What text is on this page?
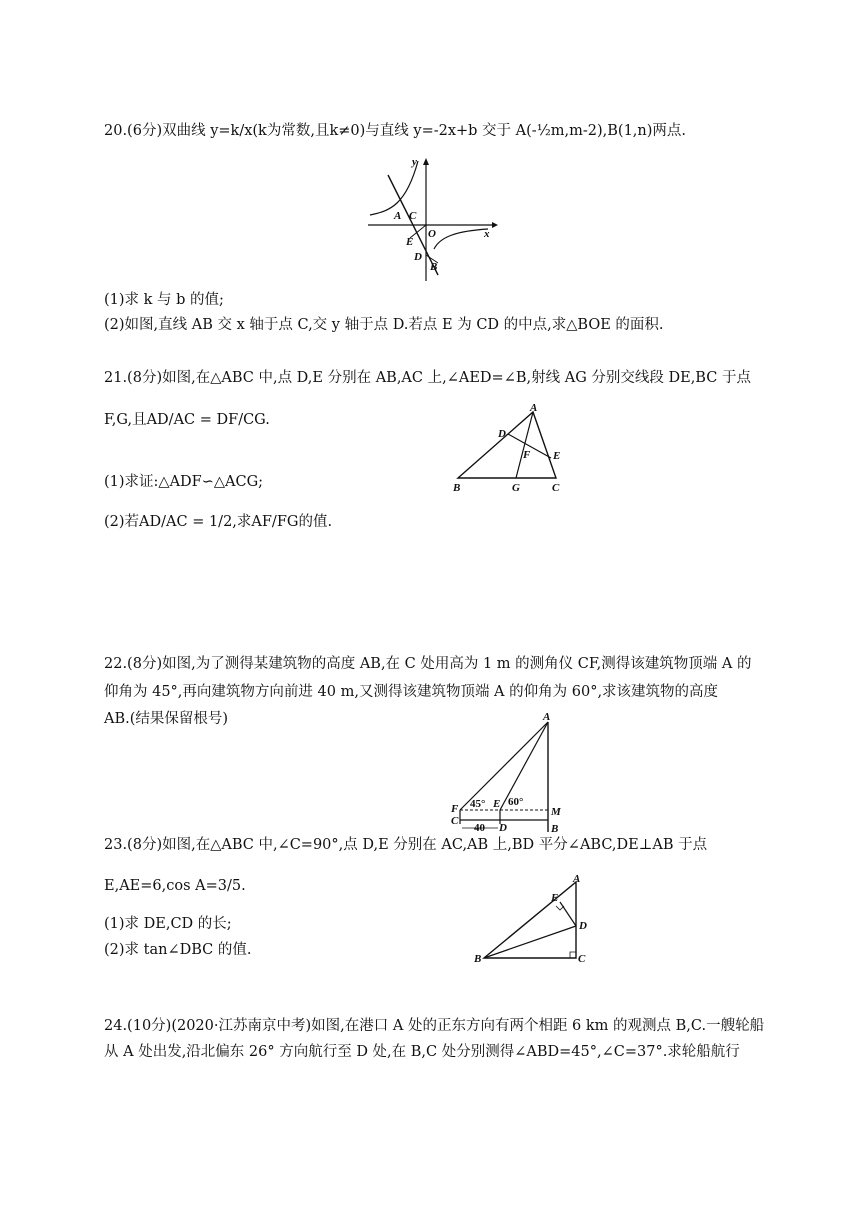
20.(6分)双曲线 y=k/x(k为常数,且k≠0)与直线 y=-2x+b 交于 A(-½m,m-2),B(1,n)两点.
y
x
A C
O
E
D
B
(1)求 k 与 b 的值;
(2)如图,直线 AB 交 x 轴于点 C,交 y 轴于点 D.若点 E 为 CD 的中点,求△BOE 的面积.
21.(8分)如图,在△ABC 中,点 D,E 分别在 AB,AC 上,∠AED=∠B,射线 AG 分别交线段 DE,BC 于点
F,G,且AD/AC = DF/CG.
(1)求证:△ADF∽△ACG;
(2)若AD/AC = 1/2,求AF/FG的值.
A
D
E
F
B	G	C
22.(8分)如图,为了测得某建筑物的高度 AB,在 C 处用高为 1 m 的测角仪 CF,测得该建筑物顶端 A 的
仰角为 45°,再向建筑物方向前进 40 m,又测得该建筑物顶端 A 的仰角为 60°,求该建筑物的高度
AB.(结果保留根号)	A
F 45° E 60°
M
C
40 D	B
23.(8分)如图,在△ABC 中,∠C=90°,点 D,E 分别在 AC,AB 上,BD 平分∠ABC,DE⊥AB 于点
E,AE=6,cos A=3/5.
(1)求 DE,CD 的长;
(2)求 tan∠DBC 的值.
A
E
D
B	C
24.(10分)(2020·江苏南京中考)如图,在港口 A 处的正东方向有两个相距 6 km 的观测点 B,C.一艘轮船
从 A 处出发,沿北偏东 26° 方向航行至 D 处,在 B,C 处分别测得∠ABD=45°,∠C=37°.求轮船航行
